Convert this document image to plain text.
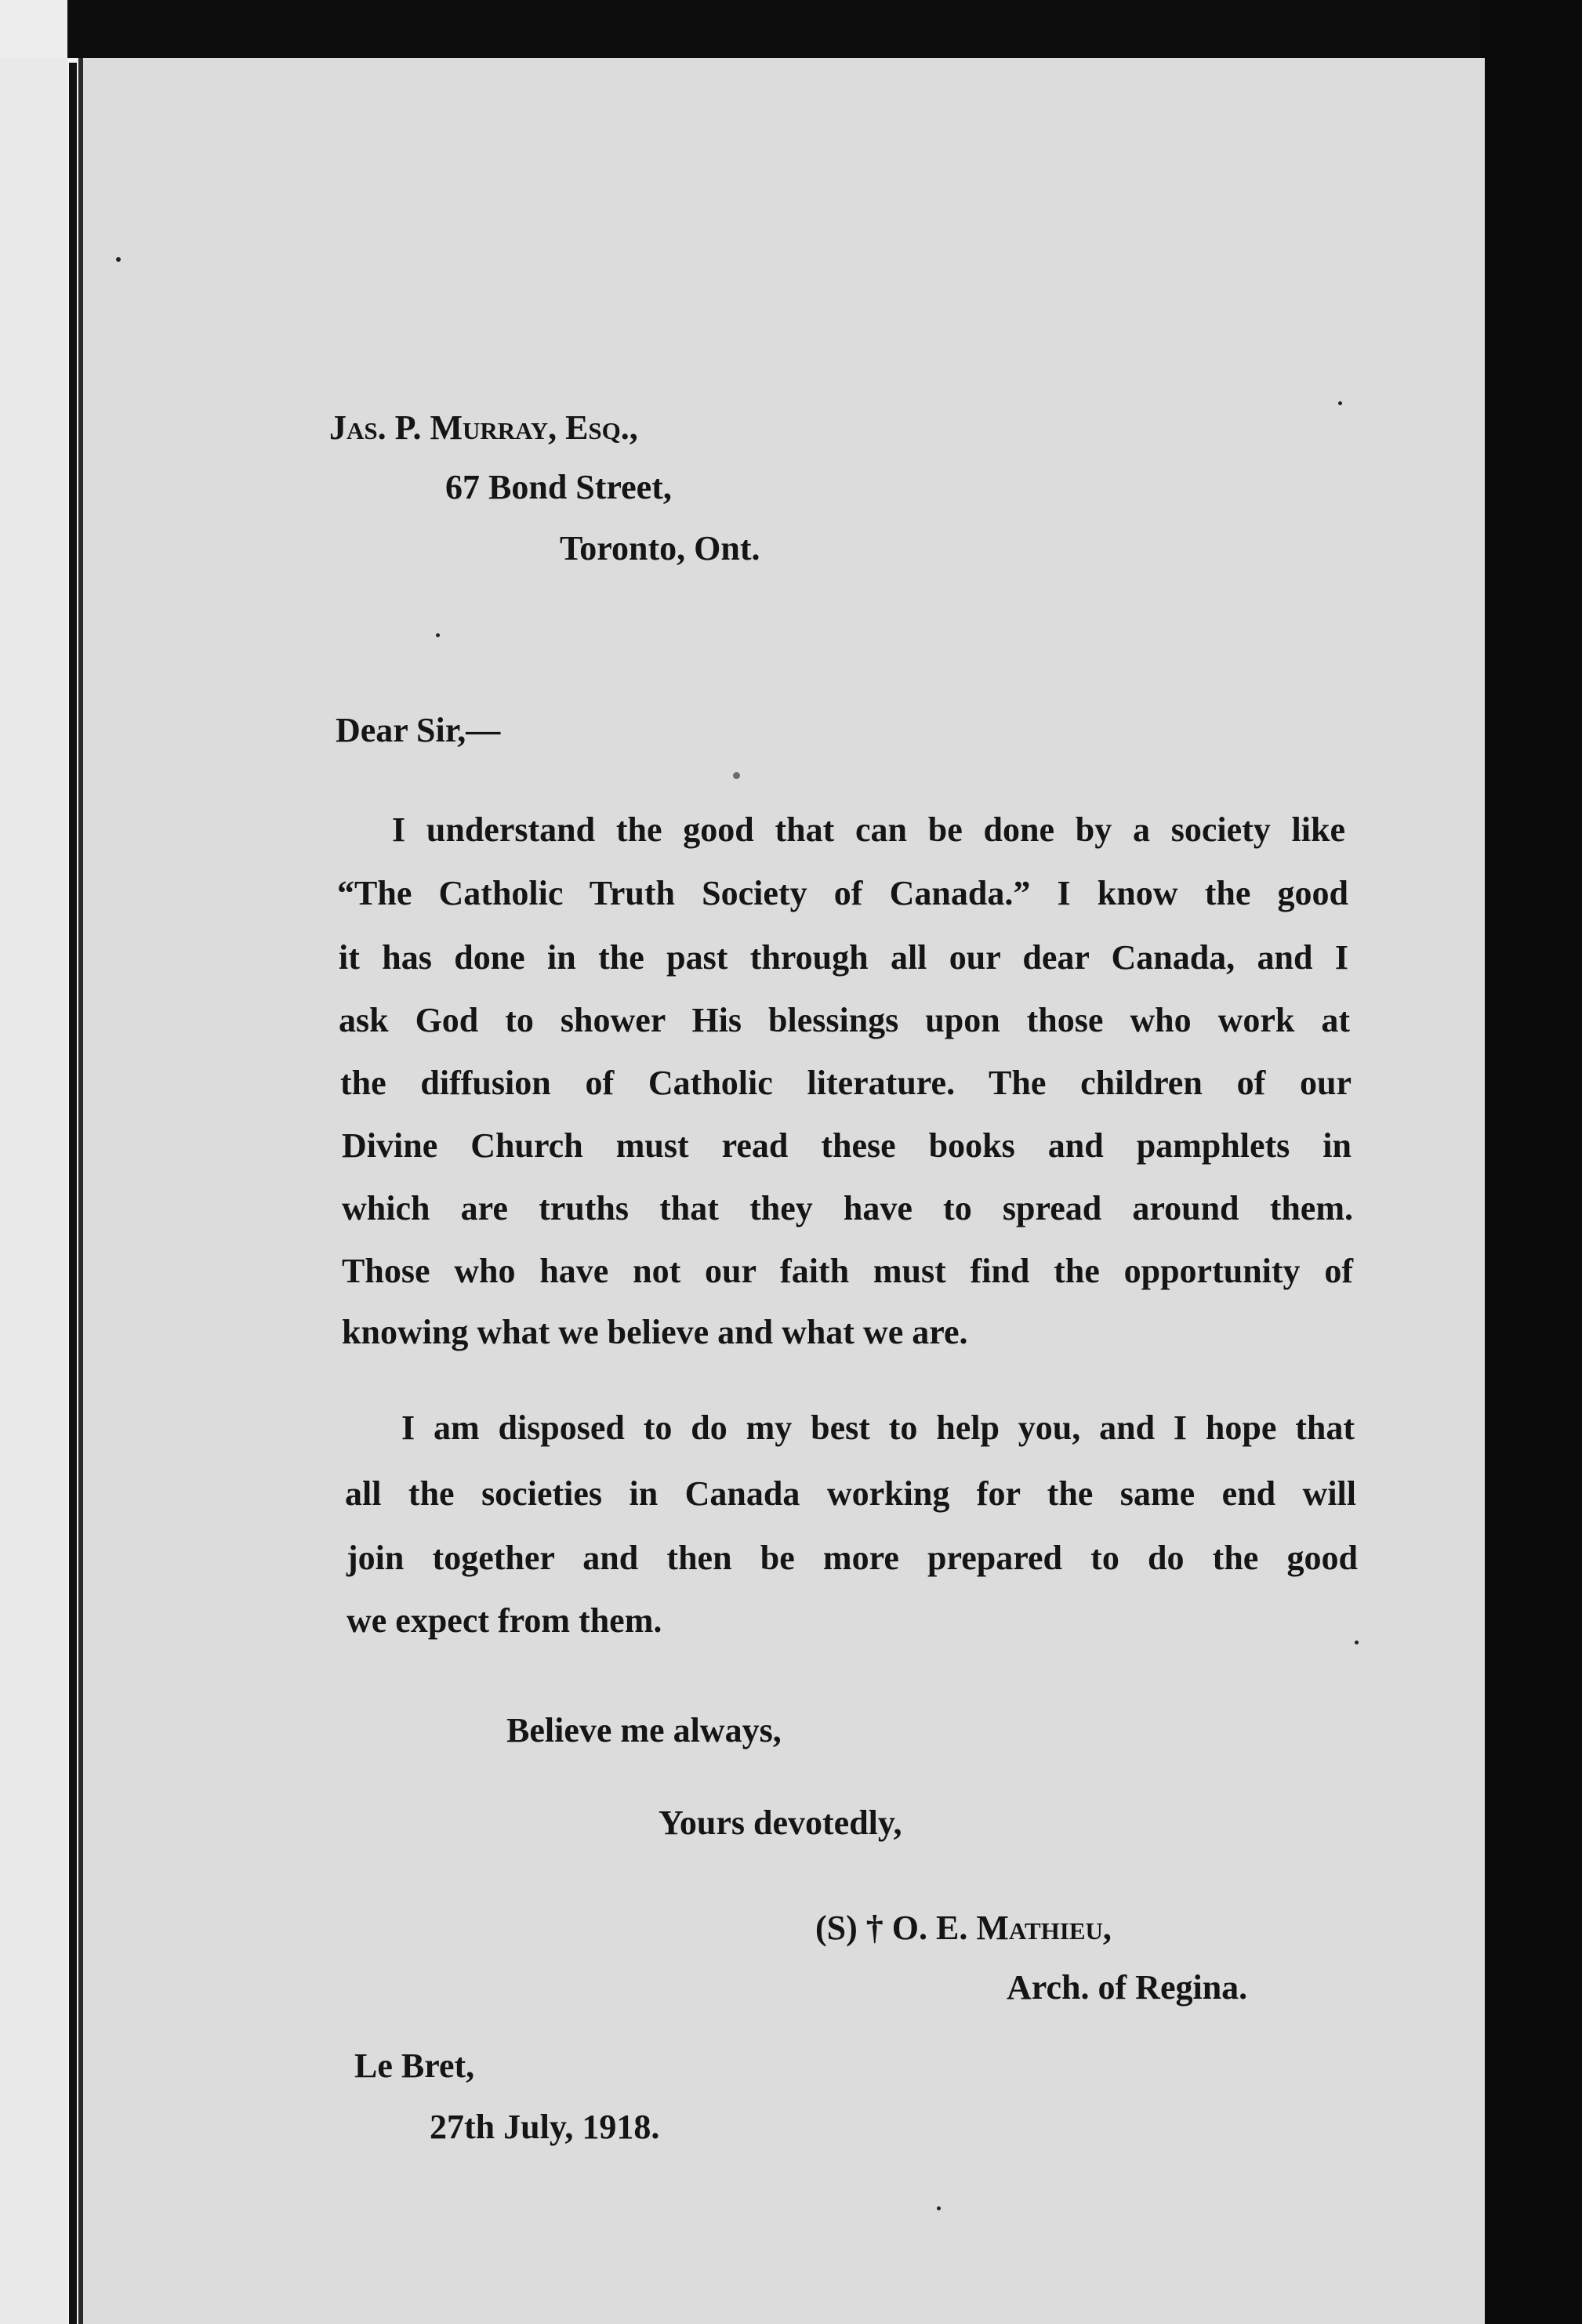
Jas. P. Murray, Esq.,
67 Bond Street,
Toronto, Ont.
Dear Sir,—
I understand the good that can be done by a society like
“The Catholic Truth Society of Canada.” I know the good
it has done in the past through all our dear Canada, and I
ask God to shower His blessings upon those who work at
the diffusion of Catholic literature. The children of our
Divine Church must read these books and pamphlets in
which are truths that they have to spread around them.
Those who have not our faith must find the opportunity of
knowing what we believe and what we are.
I am disposed to do my best to help you, and I hope that
all the societies in Canada working for the same end will
join together and then be more prepared to do the good
we expect from them.
Believe me always,
Yours devotedly,
(S) † O. E. Mathieu,
Arch. of Regina.
Le Bret,
27th July, 1918.
